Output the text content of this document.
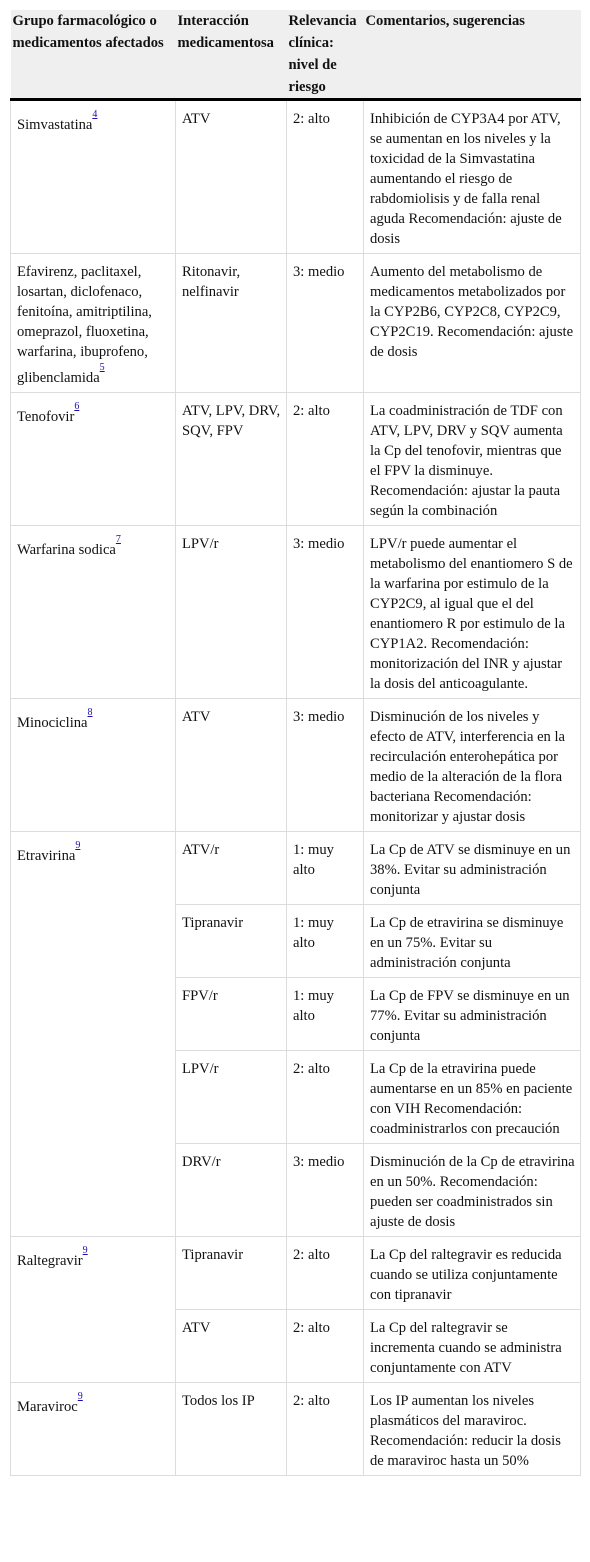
Grupo farmacológico o medicamentos afectados	Interacción medicamentosa	Relevancia clínica: nivel de riesgo	Comentarios, sugerencias
Simvastatina$^{^4}$	ATV	2: alto	Inhibición de CYP3A4 por ATV, se aumentan en los niveles y la toxicidad de la Simvastatina aumentando el riesgo de rabdomiolisis y de falla renal aguda Recomendación: ajuste de dosis
Efavirenz, paclitaxel, losartan, diclofenaco, fenitoína, amitriptilina, omeprazol, fluoxetina, warfarina, ibuprofeno, glibenclamida$^{^5}$	Ritonavir, nelfinavir	3: medio	Aumento del metabolismo de medicamentos metabolizados por la CYP2B6, CYP2C8, CYP2C9, CYP2C19. Recomendación: ajuste de dosis
Tenofovir$^{^6}$	ATV, LPV, DRV, SQV, FPV	2: alto	La coadministración de TDF con ATV, LPV, DRV y SQV aumenta la Cp del tenofovir, mientras que el FPV la disminuye. Recomendación: ajustar la pauta según la combinación
Warfarina sodica$^{^7}$	LPV/r	3: medio	LPV/r puede aumentar el metabolismo del enantiomero S de la warfarina por estimulo de la CYP2C9, al igual que el del enantiomero R por estimulo de la CYP1A2. Recomendación: monitorización del INR y ajustar la dosis del anticoagulante.
Minociclina$^{^8}$	ATV	3: medio	Disminución de los niveles y efecto de ATV, interferencia en la recirculación enterohepática por medio de la alteración de la flora bacteriana Recomendación: monitorizar y ajustar dosis
Etravirina$^{^9}$	ATV/r	1: muy alto	La Cp de ATV se disminuye en un 38%. Evitar su administración conjunta
	Tipranavir	1: muy alto	La Cp de etravirina se disminuye en un 75%. Evitar su administración conjunta
	FPV/r	1: muy alto	La Cp de FPV se disminuye en un 77%. Evitar su administración conjunta
	LPV/r	2: alto	La Cp de la etravirina puede aumentarse en un 85% en paciente con VIH Recomendación: coadministrarlos con precaución
	DRV/r	3: medio	Disminución de la Cp de etravirina en un 50%. Recomendación: pueden ser coadministrados sin ajuste de dosis
Raltegravir$^{^9}$	Tipranavir	2: alto	La Cp del raltegravir es reducida cuando se utiliza conjuntamente con tipranavir
	ATV	2: alto	La Cp del raltegravir se incrementa cuando se administra conjuntamente con ATV
Maraviroc$^{^9}$	Todos los IP	2: alto	Los IP aumentan los niveles plasmáticos del maraviroc. Recomendación: reducir la dosis de maraviroc hasta un 50%
